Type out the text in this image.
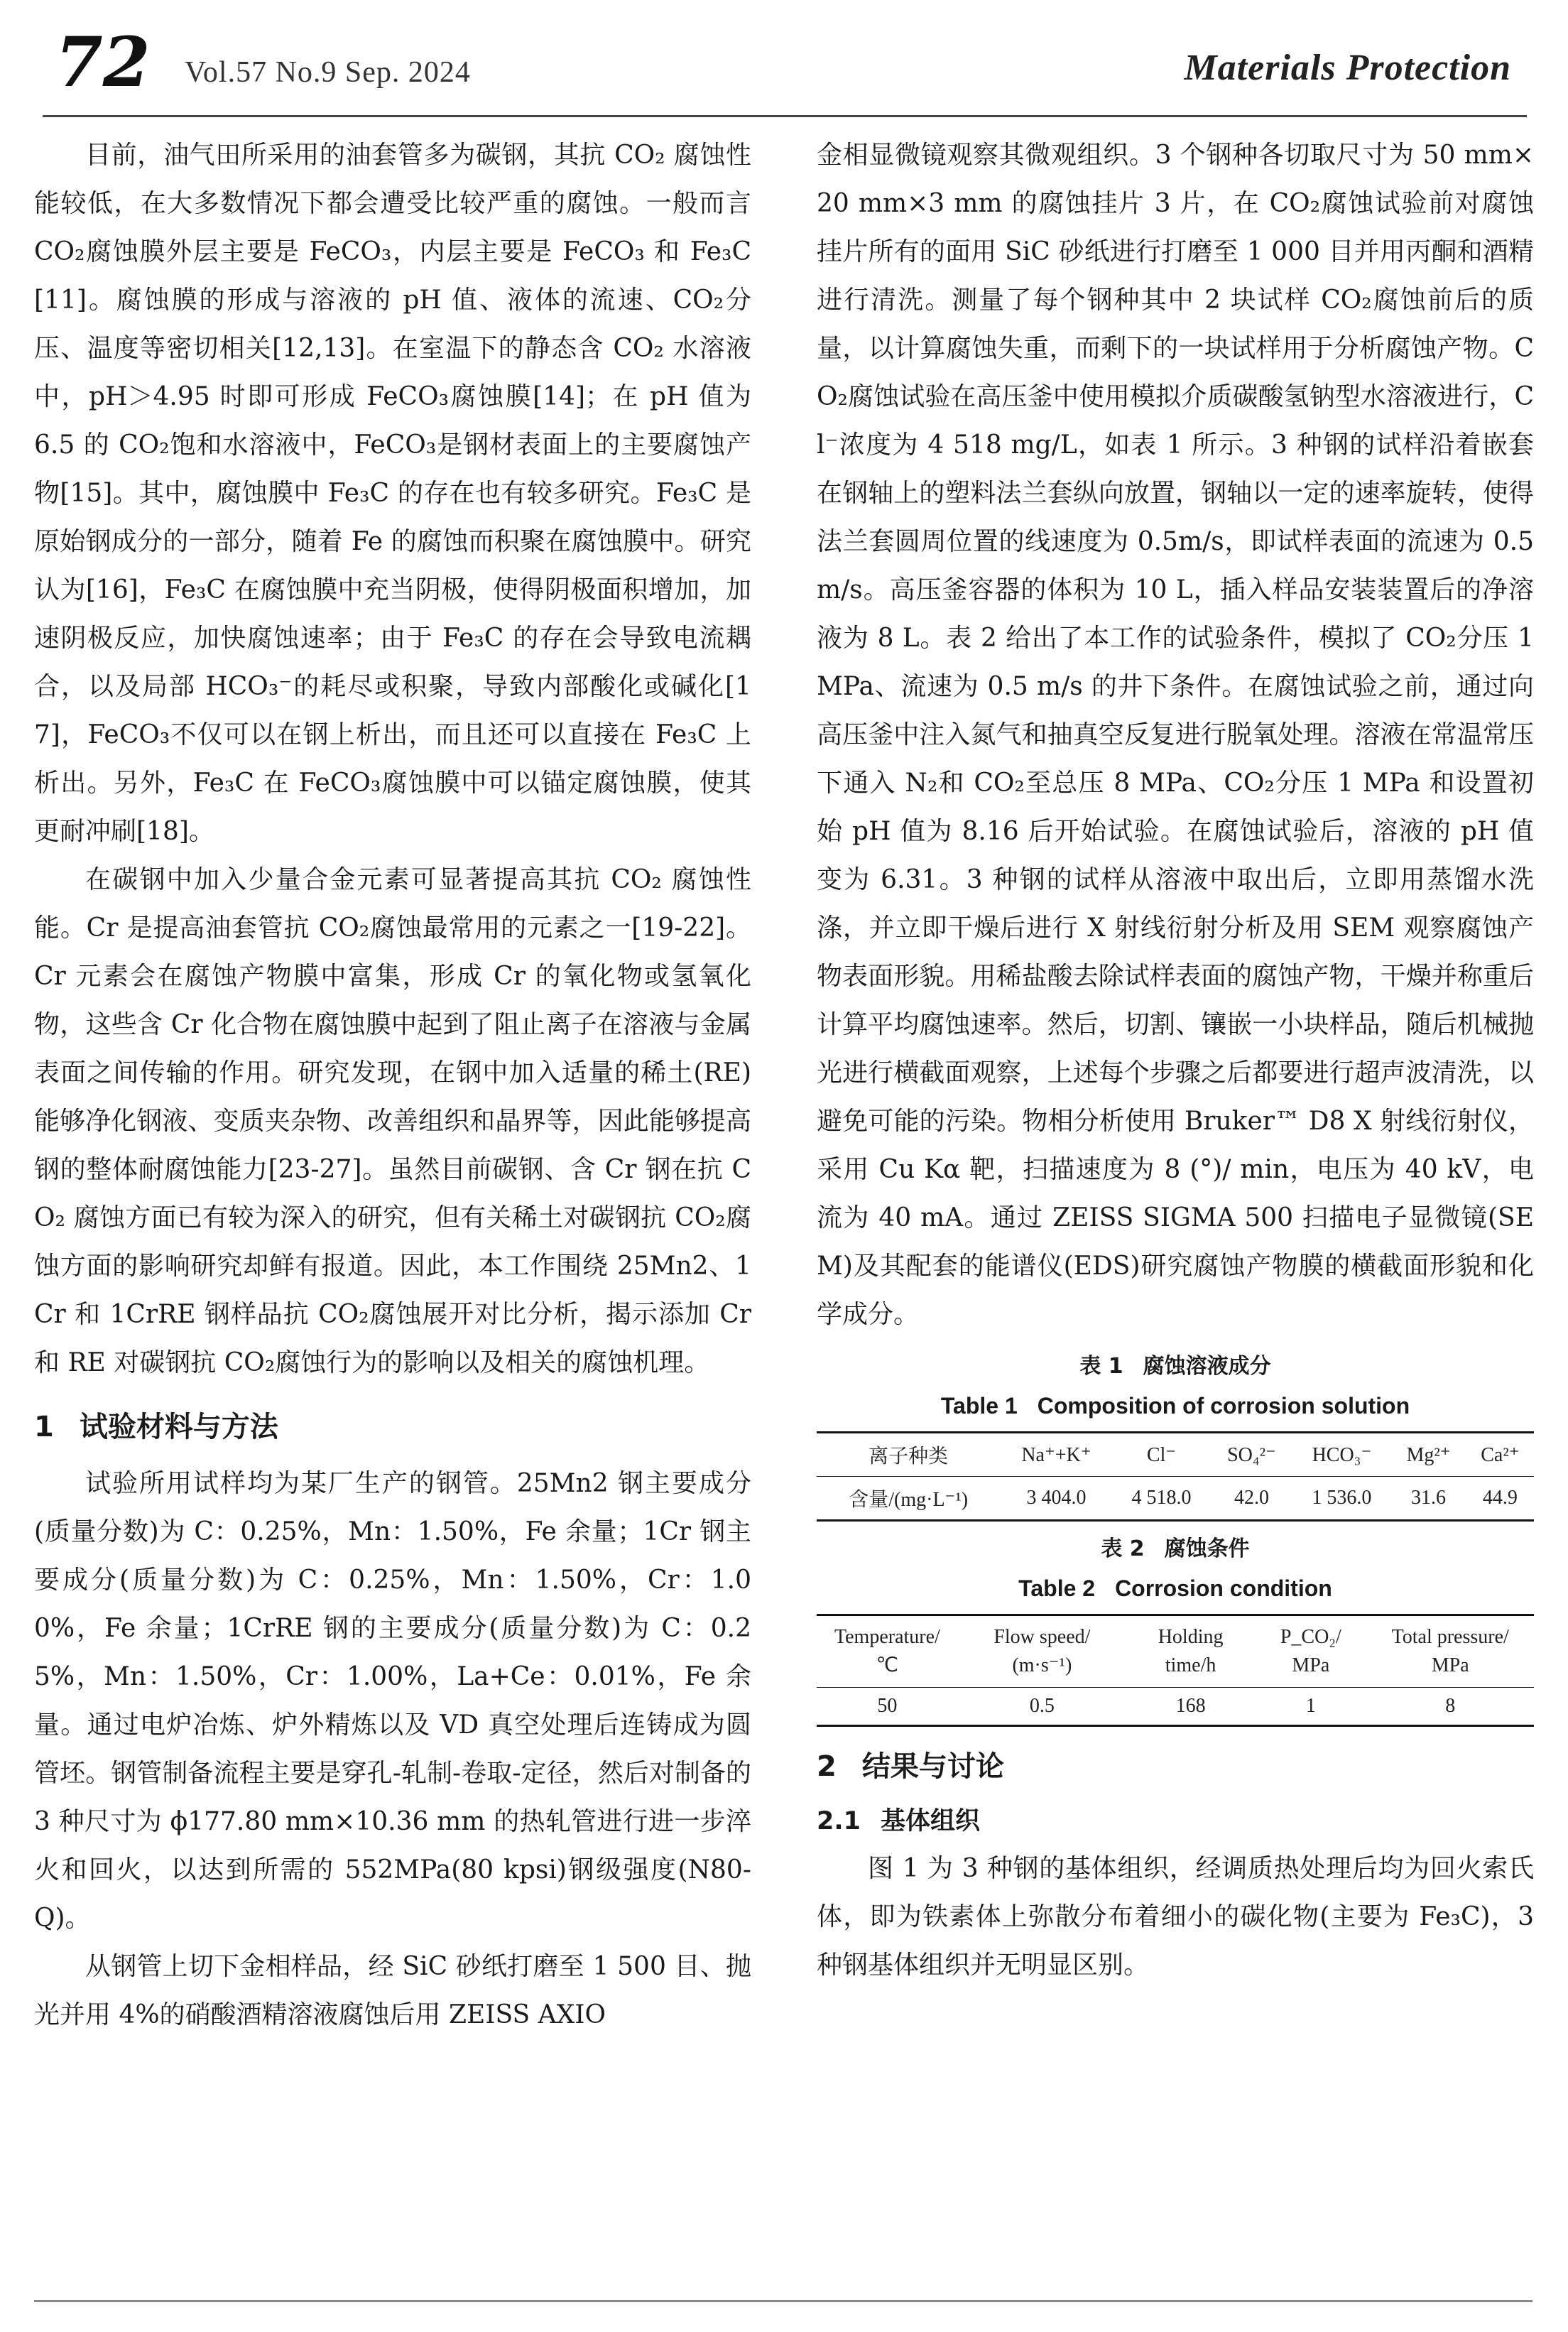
72 Vol.57 No.9 Sep. 2024	Materials Protection

目前，油气田所采用的油套管多为碳钢，其抗 CO₂ 腐蚀性能较低，在大多数情况下都会遭受比较严重的腐蚀。一般而言 CO₂腐蚀膜外层主要是 FeCO₃，内层主要是 FeCO₃ 和 Fe₃C[11]。腐蚀膜的形成与溶液的 pH 值、液体的流速、CO₂分压、温度等密切相关[12,13]。在室温下的静态含 CO₂ 水溶液中，pH＞4.95 时即可形成 FeCO₃腐蚀膜[14]；在 pH 值为 6.5 的 CO₂饱和水溶液中，FeCO₃是钢材表面上的主要腐蚀产物[15]。其中，腐蚀膜中 Fe₃C 的存在也有较多研究。Fe₃C 是原始钢成分的一部分，随着 Fe 的腐蚀而积聚在腐蚀膜中。研究认为[16]，Fe₃C 在腐蚀膜中充当阴极，使得阴极面积增加，加速阴极反应，加快腐蚀速率；由于 Fe₃C 的存在会导致电流耦合，以及局部 HCO₃⁻的耗尽或积聚，导致内部酸化或碱化[17]，FeCO₃不仅可以在钢上析出，而且还可以直接在 Fe₃C 上析出。另外，Fe₃C 在 FeCO₃腐蚀膜中可以锚定腐蚀膜，使其更耐冲刷[18]。

在碳钢中加入少量合金元素可显著提高其抗 CO₂ 腐蚀性能。Cr 是提高油套管抗 CO₂腐蚀最常用的元素之一[19-22]。Cr 元素会在腐蚀产物膜中富集，形成 Cr 的氧化物或氢氧化物，这些含 Cr 化合物在腐蚀膜中起到了阻止离子在溶液与金属表面之间传输的作用。研究发现，在钢中加入适量的稀土(RE)能够净化钢液、变质夹杂物、改善组织和晶界等，因此能够提高钢的整体耐腐蚀能力[23-27]。虽然目前碳钢、含 Cr 钢在抗 CO₂ 腐蚀方面已有较为深入的研究，但有关稀土对碳钢抗 CO₂腐蚀方面的影响研究却鲜有报道。因此，本工作围绕 25Mn2、1Cr 和 1CrRE 钢样品抗 CO₂腐蚀展开对比分析，揭示添加 Cr 和 RE 对碳钢抗 CO₂腐蚀行为的影响以及相关的腐蚀机理。

1 试验材料与方法

试验所用试样均为某厂生产的钢管。25Mn2 钢主要成分(质量分数)为 C：0.25%，Mn：1.50%，Fe 余量；1Cr 钢主要成分(质量分数)为 C：0.25%，Mn：1.50%，Cr：1.00%，Fe 余量；1CrRE 钢的主要成分(质量分数)为 C：0.25%，Mn：1.50%，Cr：1.00%，La+Ce：0.01%，Fe 余量。通过电炉冶炼、炉外精炼以及 VD 真空处理后连铸成为圆管坯。钢管制备流程主要是穿孔-轧制-卷取-定径，然后对制备的 3 种尺寸为 ϕ177.80 mm×10.36 mm 的热轧管进行进一步淬火和回火，以达到所需的 552MPa(80 kpsi)钢级强度(N80-Q)。

从钢管上切下金相样品，经 SiC 砂纸打磨至 1 500 目、抛光并用 4%的硝酸酒精溶液腐蚀后用 ZEISS AXIO

金相显微镜观察其微观组织。3 个钢种各切取尺寸为 50 mm×20 mm×3 mm 的腐蚀挂片 3 片，在 CO₂腐蚀试验前对腐蚀挂片所有的面用 SiC 砂纸进行打磨至 1 000 目并用丙酮和酒精进行清洗。测量了每个钢种其中 2 块试样 CO₂腐蚀前后的质量，以计算腐蚀失重，而剩下的一块试样用于分析腐蚀产物。CO₂腐蚀试验在高压釜中使用模拟介质碳酸氢钠型水溶液进行，Cl⁻浓度为 4 518 mg/L，如表 1 所示。3 种钢的试样沿着嵌套在钢轴上的塑料法兰套纵向放置，钢轴以一定的速率旋转，使得法兰套圆周位置的线速度为 0.5m/s，即试样表面的流速为 0.5 m/s。高压釜容器的体积为 10 L，插入样品安装装置后的净溶液为 8 L。表 2 给出了本工作的试验条件，模拟了 CO₂分压 1 MPa、流速为 0.5 m/s 的井下条件。在腐蚀试验之前，通过向高压釜中注入氮气和抽真空反复进行脱氧处理。溶液在常温常压下通入 N₂和 CO₂至总压 8 MPa、CO₂分压 1 MPa 和设置初始 pH 值为 8.16 后开始试验。在腐蚀试验后，溶液的 pH 值变为 6.31。3 种钢的试样从溶液中取出后，立即用蒸馏水洗涤，并立即干燥后进行 X 射线衍射分析及用 SEM 观察腐蚀产物表面形貌。用稀盐酸去除试样表面的腐蚀产物，干燥并称重后计算平均腐蚀速率。然后，切割、镶嵌一小块样品，随后机械抛光进行横截面观察，上述每个步骤之后都要进行超声波清洗，以避免可能的污染。物相分析使用 Bruker™ D8 X 射线衍射仪，采用 Cu Kα 靶，扫描速度为 8 (°)/ min，电压为 40 kV，电流为 40 mA。通过 ZEISS SIGMA 500 扫描电子显微镜(SEM)及其配套的能谱仪(EDS)研究腐蚀产物膜的横截面形貌和化学成分。

表 1 腐蚀溶液成分
Table 1 Composition of corrosion solution
离子种类	Na⁺+K⁺	Cl⁻	SO₄²⁻	HCO₃⁻	Mg²⁺	Ca²⁺
含量/(mg·L⁻¹)	3 404.0	4 518.0	42.0	1 536.0	31.6	44.9
表 2 腐蚀条件
Table 2 Corrosion condition
Temperature/ ℃	Flow speed/ (m·s⁻¹)	Holding time/h	P_CO₂/ MPa	Total pressure/ MPa
50	0.5	168	1	8
2 结果与讨论
2.1 基体组织

图 1 为 3 种钢的基体组织，经调质热处理后均为回火索氏体，即为铁素体上弥散分布着细小的碳化物(主要为 Fe₃C)，3 种钢基体组织并无明显区别。
